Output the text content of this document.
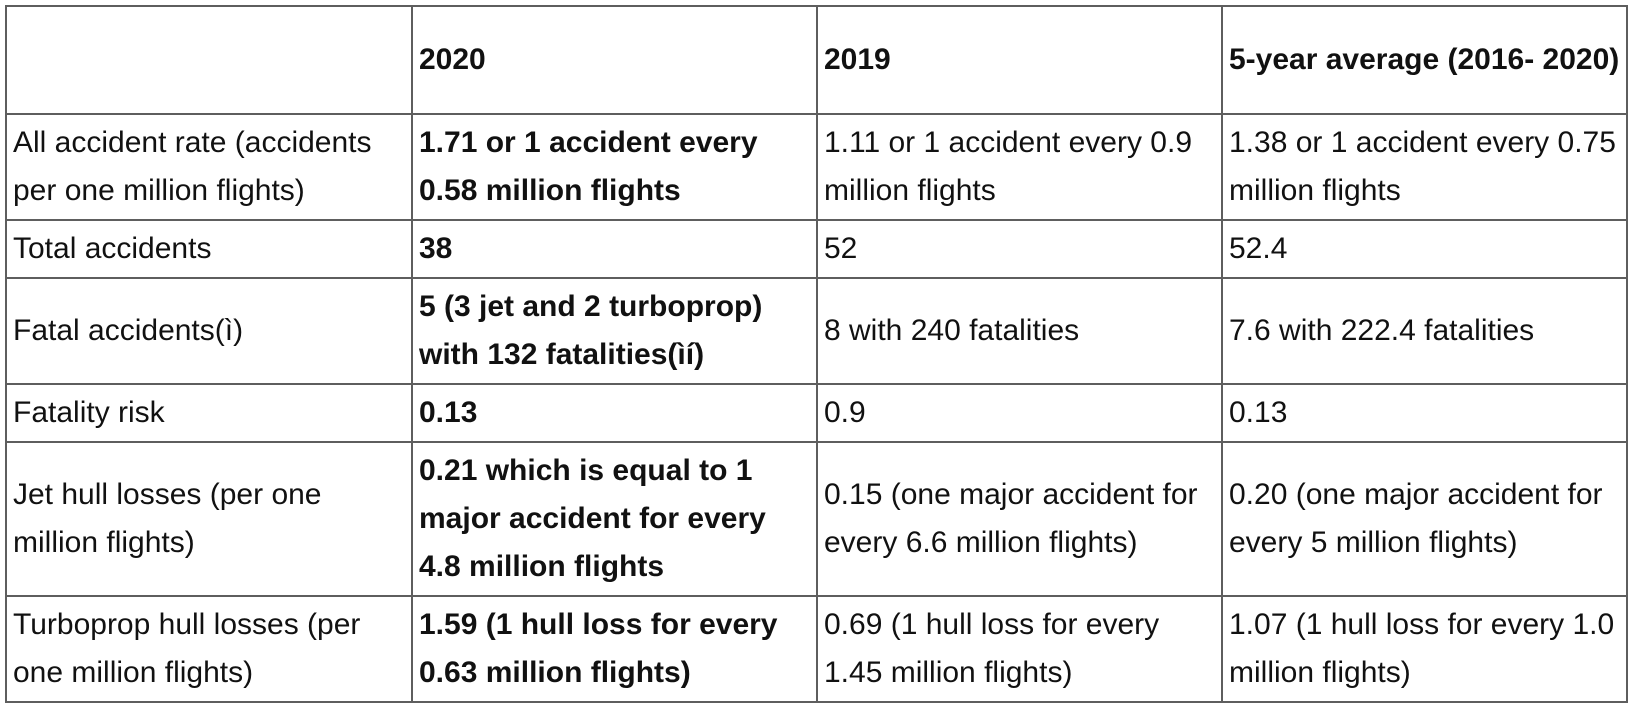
	2020	2019	5-year average (2016- 2020)
All accident rate (accidents per one million flights)	1.71 or 1 accident every 0.58 million flights	1.11 or 1 accident every 0.9 million flights	1.38 or 1 accident every 0.75 million flights
Total accidents	38	52	52.4
Fatal accidents(ì)	5 (3 jet and 2 turboprop) with 132 fatalities(ìí)	8 with 240 fatalities	7.6 with 222.4 fatalities
Fatality risk	0.13	0.9	0.13
Jet hull losses (per one million flights)	0.21 which is equal to 1 major accident for every 4.8 million flights	0.15 (one major accident for every 6.6 million flights)	0.20 (one major accident for every 5 million flights)
Turboprop hull losses (per one million flights)	1.59 (1 hull loss for every 0.63 million flights)	0.69 (1 hull loss for every 1.45 million flights)	1.07 (1 hull loss for every 1.0 million flights)
